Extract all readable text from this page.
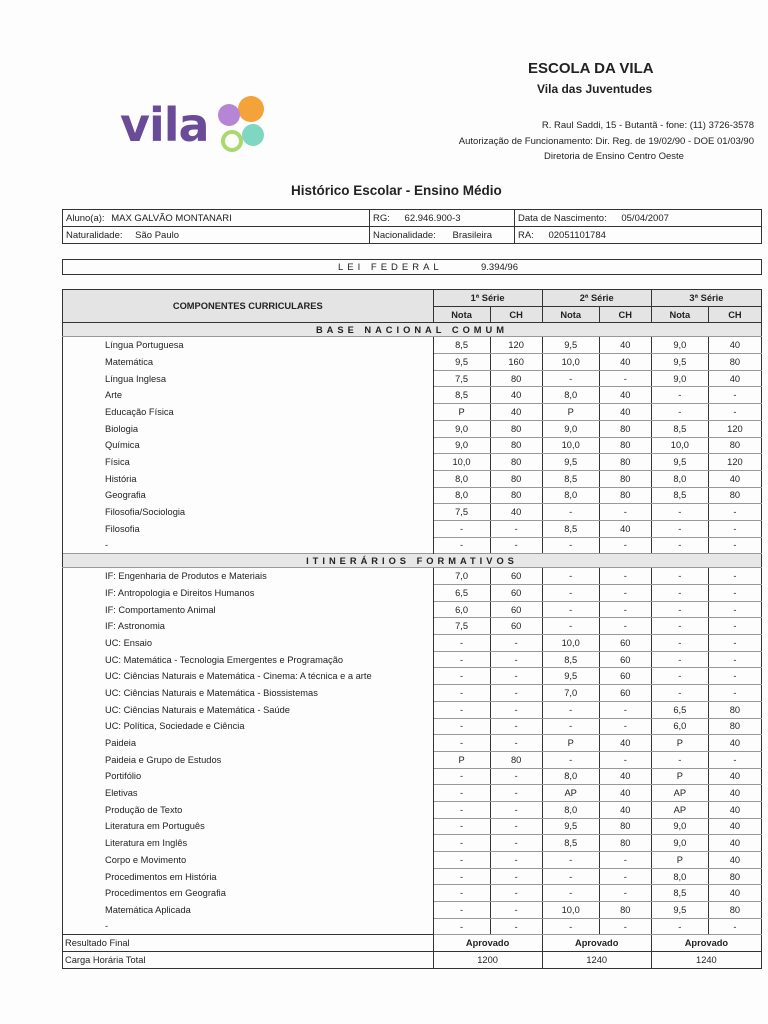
vila
ESCOLA DA VILA
Vila das Juventudes
R. Raul Saddi, 15 - Butantã - fone: (11) 3726-3578
Autorização de Funcionamento: Dir. Reg. de 19/02/90 - DOE 01/03/90
Diretoria de Ensino Centro Oeste
Histórico Escolar - Ensino Médio
Aluno(a): MAX GALVÃO MONTANARI	RG: 62.946.900-3	Data de Nascimento: 05/04/2007
Naturalidade: São Paulo	Nacionalidade: Brasileira	RA: 02051101784
LEI FEDERAL	9.394/96
COMPONENTES CURRICULARES	1ª Série		2ª Série		3ª Série	
	Nota	CH	Nota	CH	Nota	CH
BASE NACIONAL COMUM						
Língua Portuguesa	8,5	120	9,5	40	9,0	40
Matemática	9,5	160	10,0	40	9,5	80
Língua Inglesa	7,5	80	-	-	9,0	40
Arte	8,5	40	8,0	40	-	-
Educação Física	P	40	P	40	-	-
Biologia	9,0	80	9,0	80	8,5	120
Química	9,0	80	10,0	80	10,0	80
Física	10,0	80	9,5	80	9,5	120
História	8,0	80	8,5	80	8,0	40
Geografia	8,0	80	8,0	80	8,5	80
Filosofia/Sociologia	7,5	40	-	-	-	-
Filosofia	-	-	8,5	40	-	-
-	-	-	-	-	-	-
ITINERÁRIOS FORMATIVOS						
IF: Engenharia de Produtos e Materiais	7,0	60	-	-	-	-
IF: Antropologia e Direitos Humanos	6,5	60	-	-	-	-
IF: Comportamento Animal	6,0	60	-	-	-	-
IF: Astronomia	7,5	60	-	-	-	-
UC: Ensaio	-	-	10,0	60	-	-
UC: Matemática - Tecnologia Emergentes e Programação	-	-	8,5	60	-	-
UC: Ciências Naturais e Matemática - Cinema: A técnica e a arte	-	-	9,5	60	-	-
UC: Ciências Naturais e Matemática - Biossistemas	-	-	7,0	60	-	-
UC: Ciências Naturais e Matemática - Saúde	-	-	-	-	6,5	80
UC: Política, Sociedade e Ciência	-	-	-	-	6,0	80
Paideia	-	-	P	40	P	40
Paideia e Grupo de Estudos	P	80	-	-	-	-
Portifólio	-	-	8,0	40	P	40
Eletivas	-	-	AP	40	AP	40
Produção de Texto	-	-	8,0	40	AP	40
Literatura em Português	-	-	9,5	80	9,0	40
Literatura em Inglês	-	-	8,5	80	9,0	40
Corpo e Movimento	-	-	-	-	P	40
Procedimentos em História	-	-	-	-	8,0	80
Procedimentos em Geografia	-	-	-	-	8,5	40
Matemática Aplicada	-	-	10,0	80	9,5	80
-	-	-	-	-	-	-
Resultado Final	Aprovado		Aprovado		Aprovado	
Carga Horária Total	1200		1240		1240	
